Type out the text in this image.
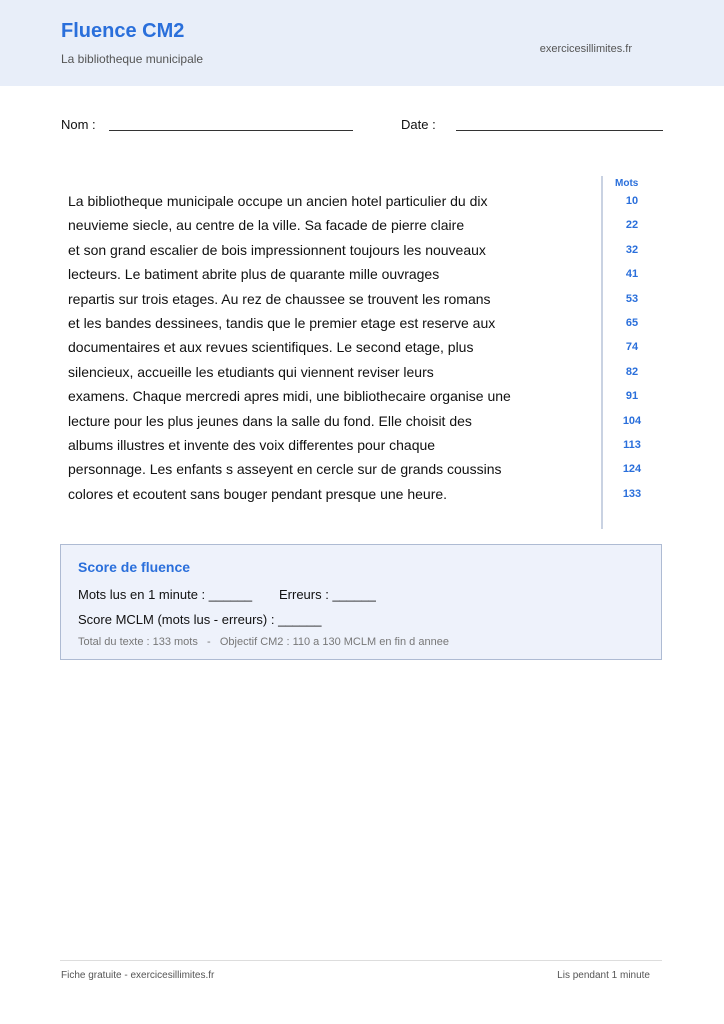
Fluence CM2
La bibliotheque municipale
exercicesillimites.fr
Nom :	Date :
La bibliotheque municipale occupe un ancien hotel particulier du dix
neuvieme siecle, au centre de la ville. Sa facade de pierre claire
et son grand escalier de bois impressionnent toujours les nouveaux
lecteurs. Le batiment abrite plus de quarante mille ouvrages
repartis sur trois etages. Au rez de chaussee se trouvent les romans
et les bandes dessinees, tandis que le premier etage est reserve aux
documentaires et aux revues scientifiques. Le second etage, plus
silencieux, accueille les etudiants qui viennent reviser leurs
examens. Chaque mercredi apres midi, une bibliothecaire organise une
lecture pour les plus jeunes dans la salle du fond. Elle choisit des
albums illustres et invente des voix differentes pour chaque
personnage. Les enfants s asseyent en cercle sur de grands coussins
colores et ecoutent sans bouger pendant presque une heure.
Mots
10
22
32
41
53
65
74
82
91
104
113
124
133
Score de fluence
Mots lus en 1 minute : ______ Erreurs : ______
Score MCLM (mots lus - erreurs) : ______
Total du texte : 133 mots   -   Objectif CM2 : 110 a 130 MCLM en fin d annee
Fiche gratuite - exercicesillimites.fr	Lis pendant 1 minute
